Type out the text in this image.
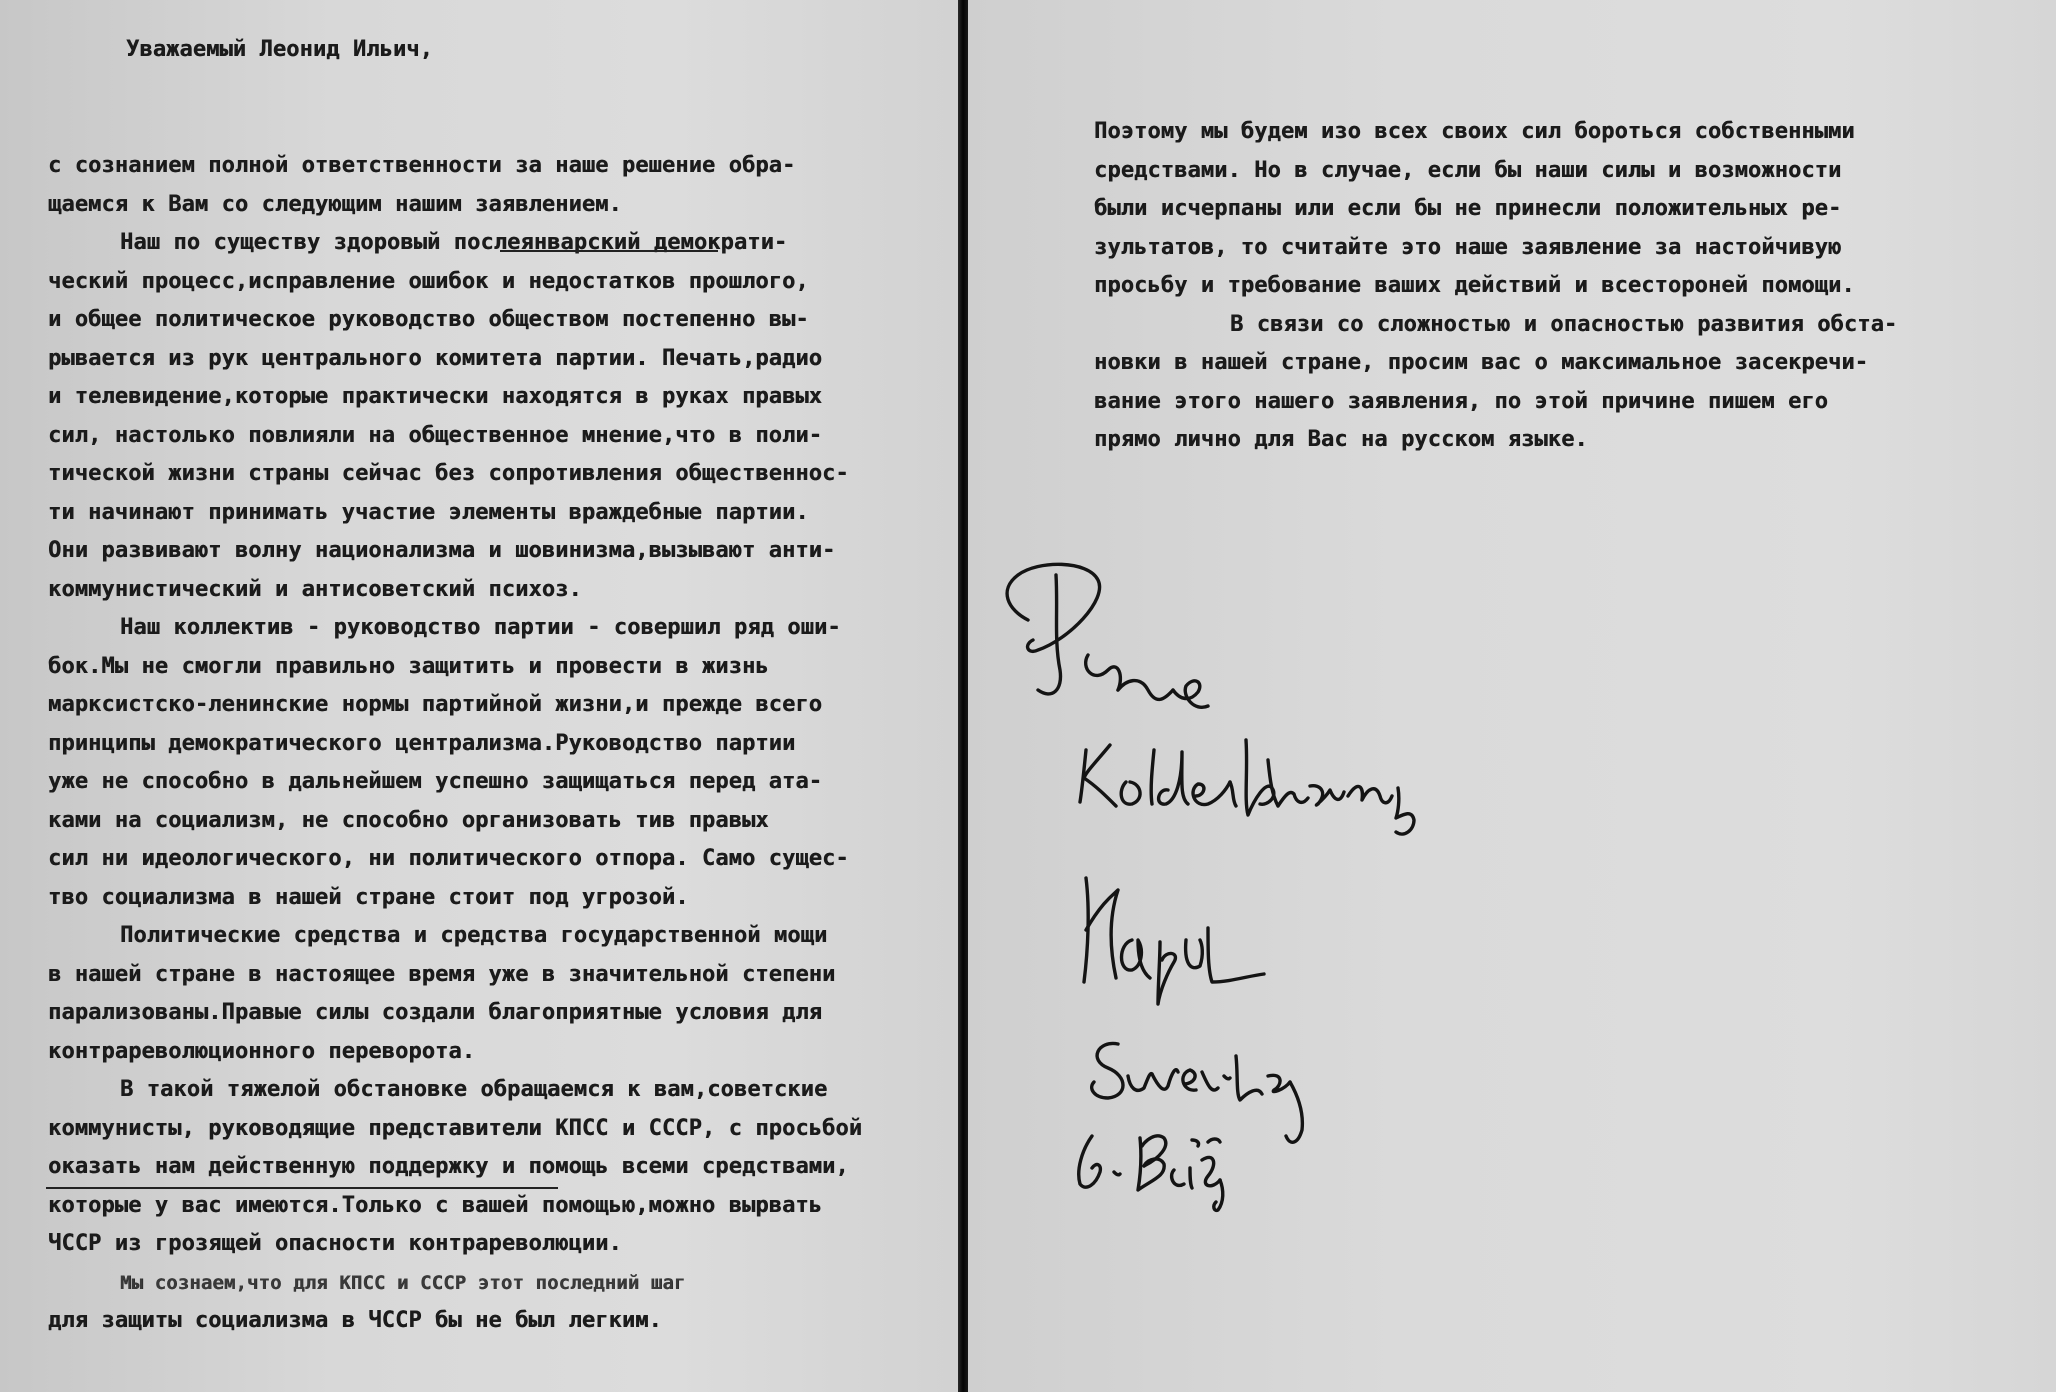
Уважаемый Леонид Ильич,
с сознанием полной ответственности за наше решение обра-
щаемся к Вам со следующим нашим заявлением.
Наш по существу здоровый послеянварский демократи-
ческий процесс,исправление ошибок и недостатков прошлого,
и общее политическое руководство обществом постепенно вы-
рывается из рук центрального комитета партии. Печать,радио
и телевидение,которые практически находятся в руках правых
сил, настолько повлияли на общественное мнение,что в поли-
тической жизни страны сейчас без сопротивления общественнос-
ти начинают принимать участие элементы враждебные партии.
Они развивают волну национализма и шовинизма,вызывают анти-
коммунистический и антисоветский психоз.
Наш коллектив - руководство партии - совершил ряд оши-
бок.Мы не смогли правильно защитить и провести в жизнь
марксистско-ленинские нормы партийной жизни,и прежде всего
принципы демократического централизма.Руководство партии
уже не способно в дальнейшем успешно защищаться перед ата-
ками на социализм, не способно организовать тив правых
сил ни идеологического, ни политического отпора. Само сущес-
тво социализма в нашей стране стоит под угрозой.
Политические средства и средства государственной мощи
в нашей стране в настоящее время уже в значительной степени
парализованы.Правые силы создали благоприятные условия для
контрареволюционного переворота.
В такой тяжелой обстановке обращаемся к вам,советские
коммунисты, руководящие представители КПСС и СССР, с просьбой
оказать нам действенную поддержку и помощь всеми средствами,
которые у вас имеются.Только с вашей помощью,можно вырвать
ЧССР из грозящей опасности контрареволюции.
Мы сознаем,что для КПСС и СССР этот последний шаг
для защиты социализма в ЧССР бы не был легким.
Поэтому мы будем изо всех своих сил бороться собственными
средствами. Но в случае, если бы наши силы и возможности
были исчерпаны или если бы не принесли положительных ре-
зультатов, то считайте это наше заявление за настойчивую
просьбу и требование ваших действий и всестороней помощи.
В связи со сложностью и опасностью развития обста-
новки в нашей стране, просим вас о максимальное засекречи-
вание этого нашего заявления, по этой причине пишем его
прямо лично для Вас на русском языке.
